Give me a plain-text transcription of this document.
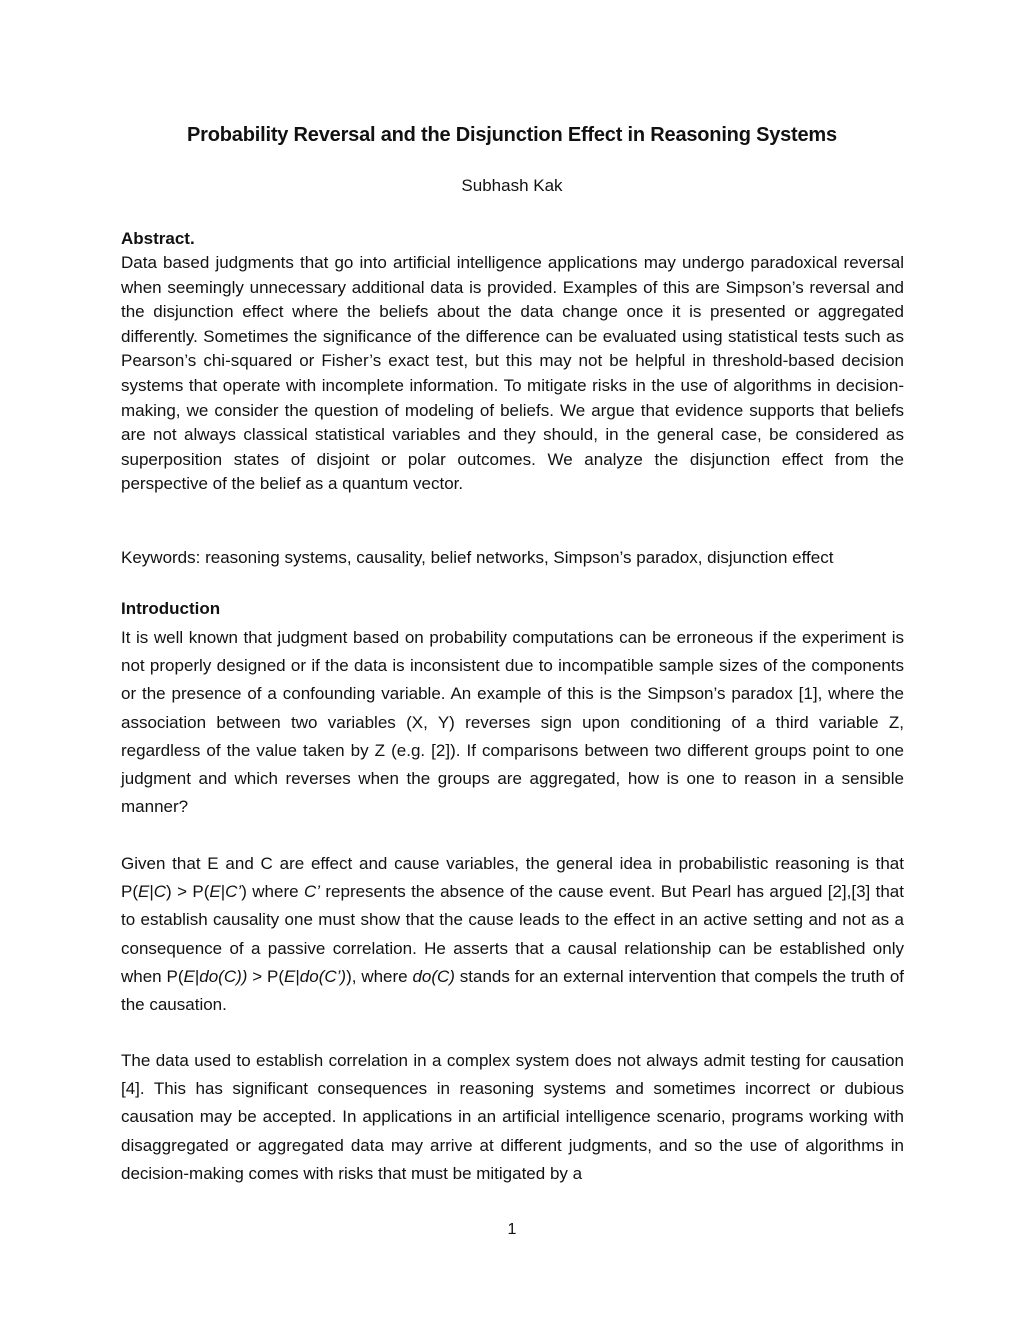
Probability Reversal and the Disjunction Effect in Reasoning Systems
Subhash Kak
Abstract.
Data based judgments that go into artificial intelligence applications may undergo paradoxical reversal when seemingly unnecessary additional data is provided. Examples of this are Simpson’s reversal and the disjunction effect where the beliefs about the data change once it is presented or aggregated differently. Sometimes the significance of the difference can be evaluated using statistical tests such as Pearson’s chi-squared or Fisher’s exact test, but this may not be helpful in threshold-based decision systems that operate with incomplete information. To mitigate risks in the use of algorithms in decision-making, we consider the question of modeling of beliefs. We argue that evidence supports that beliefs are not always classical statistical variables and they should, in the general case, be considered as superposition states of disjoint or polar outcomes. We analyze the disjunction effect from the perspective of the belief as a quantum vector.
Keywords: reasoning systems, causality, belief networks, Simpson’s paradox, disjunction effect
Introduction
It is well known that judgment based on probability computations can be erroneous if the experiment is not properly designed or if the data is inconsistent due to incompatible sample sizes of the components or the presence of a confounding variable. An example of this is the Simpson’s paradox [1], where the association between two variables (X, Y) reverses sign upon conditioning of a third variable Z, regardless of the value taken by Z (e.g. [2]). If comparisons between two different groups point to one judgment and which reverses when the groups are aggregated, how is one to reason in a sensible manner?
Given that E and C are effect and cause variables, the general idea in probabilistic reasoning is that P(E|C) > P(E|C’) where C’ represents the absence of the cause event. But Pearl has argued [2],[3] that to establish causality one must show that the cause leads to the effect in an active setting and not as a consequence of a passive correlation. He asserts that a causal relationship can be established only when P(E|do(C)) > P(E|do(C’)), where do(C) stands for an external intervention that compels the truth of the causation.
The data used to establish correlation in a complex system does not always admit testing for causation [4]. This has significant consequences in reasoning systems and sometimes incorrect or dubious causation may be accepted. In applications in an artificial intelligence scenario, programs working with disaggregated or aggregated data may arrive at different judgments, and so the use of algorithms in decision-making comes with risks that must be mitigated by a
1
